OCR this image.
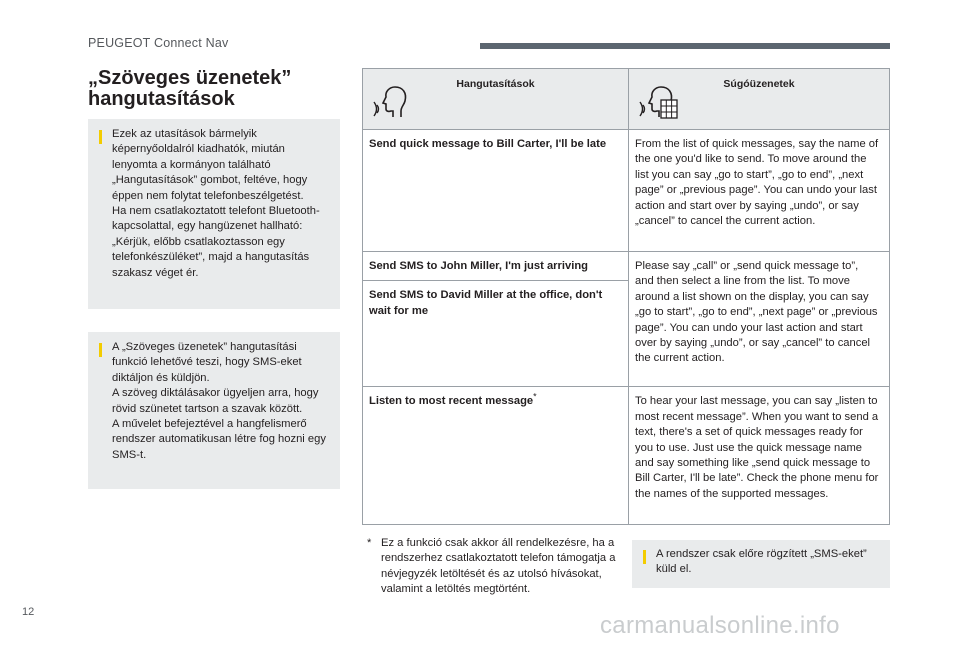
PEUGEOT Connect Nav
„Szöveges üzenetek”
hangutasítások

Ezek az utasítások bármelyik képernyőoldalról kiadhatók, miután lenyomta a kormányon található „Hangutasítások” gombot, feltéve, hogy éppen nem folytat telefonbeszélgetést.
Ha nem csatlakoztatott telefont Bluetooth-kapcsolattal, egy hangüzenet hallható: „Kérjük, előbb csatlakoztasson egy telefonkészüléket”, majd a hangutasítás szakasz véget ér.

A „Szöveges üzenetek” hangutasítási funkció lehetővé teszi, hogy SMS-eket diktáljon és küldjön.
A szöveg diktálásakor ügyeljen arra, hogy rövid szünetet tartson a szavak között.
A művelet befejeztével a hangfelismerő rendszer automatikusan létre fog hozni egy SMS-t.

Hangutasítások	Súgóüzenetek

Send quick message to Bill Carter, I'll be late	From the list of quick messages, say the name of the one you'd like to send. To move around the list you can say „go to start”, „go to end”, „next page” or „previous page”. You can undo your last action and start over by saying „undo”, or say „cancel” to cancel the current action.
Send SMS to John Miller, I'm just arriving	Please say „call” or „send quick message to”, and then select a line from the list. To move around a list shown on the display, you can say „go to start”, „go to end”, „next page” or „previous page”. You can undo your last action and start over by saying „undo”, or say „cancel” to cancel the current action.
Send SMS to David Miller at the office, don't wait for me	
Listen to most recent message*	To hear your last message, you can say „listen to most recent message”. When you want to send a text, there's a set of quick messages ready for you to use. Just use the quick message name and say something like „send quick message to Bill Carter, I'll be late”. Check the phone menu for the names of the supported messages.
* Ez a funkció csak akkor áll rendelkezésre, ha a rendszerhez csatlakoztatott telefon támogatja a névjegyzék letöltését és az utolsó hívásokat, valamint a letöltés megtörtént.

A rendszer csak előre rögzített „SMS-eket” küld el.

12	carmanualsonline.info
